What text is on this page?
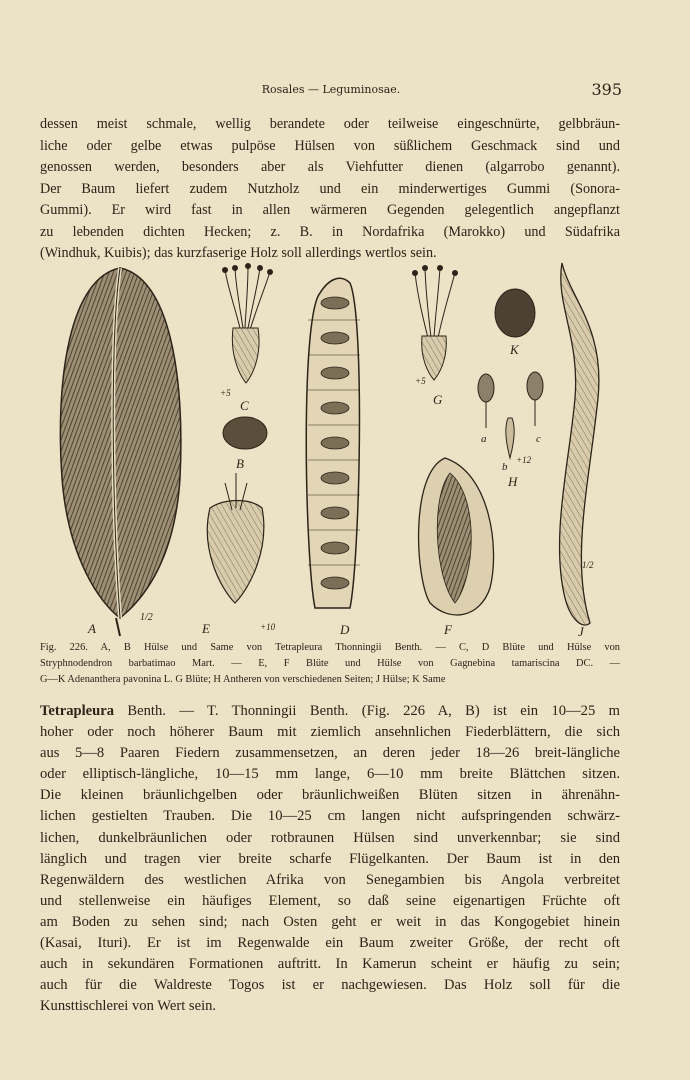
Rosales — Leguminosae.	395
dessen meist schmale, wellig berandete oder teilweise eingeschnürte, gelbbräun-
liche oder gelbe etwas pulpöse Hülsen von süßlichem Geschmack sind und
genossen werden, besonders aber als Viehfutter dienen (algarrobo genannt).
Der Baum liefert zudem Nutzholz und ein minderwertiges Gummi (Sonora-
Gummi). Er wird fast in allen wärmeren Gegenden gelegentlich angepflanzt
zu lebenden dichten Hecken; z. B. in Nordafrika (Marokko) und Südafrika
(Windhuk, Kuibis); das kurzfaserige Holz soll allerdings wertlos sein.
A
1/2
+5
C
B
E	+10	D
+5
G
K
a	c
b
+12
H
F
1/2
J
Fig. 226. A, B Hülse und Same von Tetrapleura Thonningii Benth. — C, D Blüte und Hülse von
Stryphnodendron barbatimao Mart. — E, F Blüte und Hülse von Gagnebina tamariscina DC. —
G—K Adenanthera pavonina L. G Blüte; H Antheren von verschiedenen Seiten; J Hülse; K Same
Tetrapleura Benth. — T. Thonningii Benth. (Fig. 226 A, B) ist ein 10—25 m
hoher oder noch höherer Baum mit ziemlich ansehnlichen Fiederblättern, die sich
aus 5—8 Paaren Fiedern zusammensetzen, an deren jeder 18—26 breit-längliche
oder elliptisch-längliche, 10—15 mm lange, 6—10 mm breite Blättchen sitzen.
Die kleinen bräunlichgelben oder bräunlichweißen Blüten sitzen in ährenähn-
lichen gestielten Trauben. Die 10—25 cm langen nicht aufspringenden schwärz-
lichen, dunkelbräunlichen oder rotbraunen Hülsen sind unverkennbar; sie sind
länglich und tragen vier breite scharfe Flügelkanten. Der Baum ist in den
Regenwäldern des westlichen Afrika von Senegambien bis Angola verbreitet
und stellenweise ein häufiges Element, so daß seine eigenartigen Früchte oft
am Boden zu sehen sind; nach Osten geht er weit in das Kongogebiet hinein
(Kasai, Ituri). Er ist im Regenwalde ein Baum zweiter Größe, der recht oft
auch in sekundären Formationen auftritt. In Kamerun scheint er häufig zu sein;
auch für die Waldreste Togos ist er nachgewiesen. Das Holz soll für die
Kunsttischlerei von Wert sein.
